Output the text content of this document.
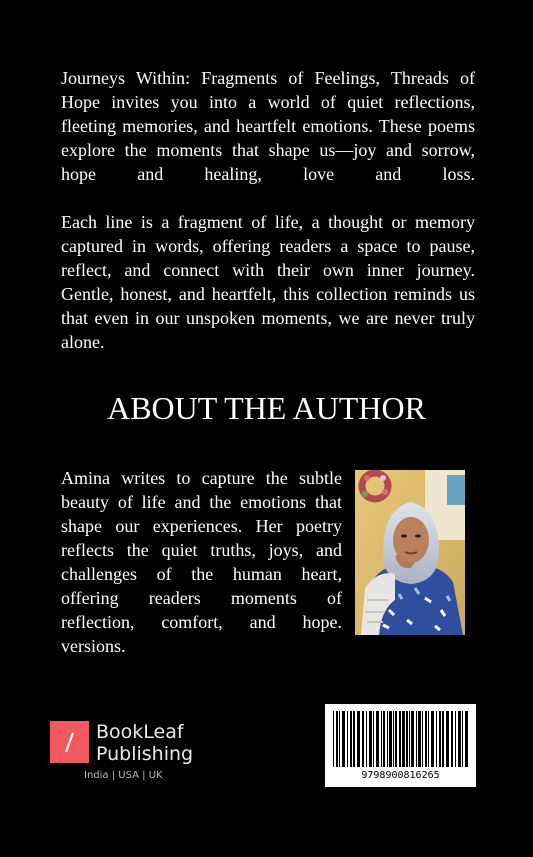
Journeys Within: Fragments of Feelings, Threads of
Hope invites you into a world of quiet reflections,
fleeting memories, and heartfelt emotions. These poems
explore the moments that shape us—joy and sorrow,
hope and healing, love and loss.
Each line is a fragment of life, a thought or memory
captured in words, offering readers a space to pause,
reflect, and connect with their own inner journey.
Gentle, honest, and heartfelt, this collection reminds us
that even in our unspoken moments, we are never truly
alone.
ABOUT THE AUTHOR
Amina writes to capture the subtle
beauty of life and the emotions that
shape our experiences. Her poetry
reflects the quiet truths, joys, and
challenges of the human heart,
offering readers moments of
reflection, comfort, and hope.
versions.
BookLeaf
Publishing
India | USA | UK	9798900816265
